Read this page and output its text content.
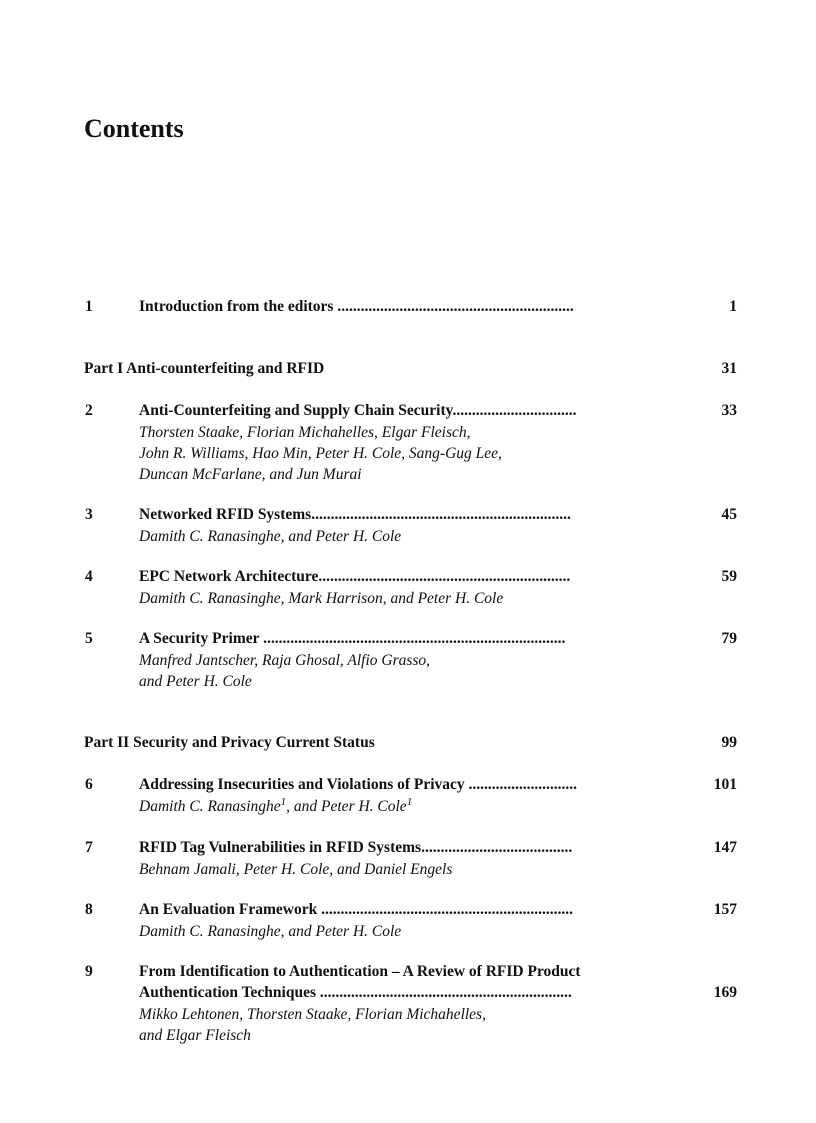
Contents
1	Introduction from the editors .............................................................	1
Part I Anti-counterfeiting and RFID	31
2	Anti-Counterfeiting and Supply Chain Security................................	33
Thorsten Staake, Florian Michahelles, Elgar Fleisch,
John R. Williams, Hao Min, Peter H. Cole, Sang-Gug Lee,
Duncan McFarlane, and Jun Murai
3	Networked RFID Systems...................................................................	45
Damith C. Ranasinghe, and Peter H. Cole
4	EPC Network Architecture.................................................................	59
Damith C. Ranasinghe, Mark Harrison, and Peter H. Cole
5	A Security Primer ..............................................................................	79
Manfred Jantscher, Raja Ghosal, Alfio Grasso,
and Peter H. Cole
Part II Security and Privacy Current Status	99
6	Addressing Insecurities and Violations of Privacy ............................	101
Damith C. Ranasinghe$^1$, and Peter H. Cole$^1$
7	RFID Tag Vulnerabilities in RFID Systems.......................................	147
Behnam Jamali, Peter H. Cole, and Daniel Engels
8	An Evaluation Framework .................................................................	157
Damith C. Ranasinghe, and Peter H. Cole
9	From Identification to Authentication – A Review of RFID Product
Authentication Techniques .................................................................	169
Mikko Lehtonen, Thorsten Staake, Florian Michahelles,
and Elgar Fleisch
